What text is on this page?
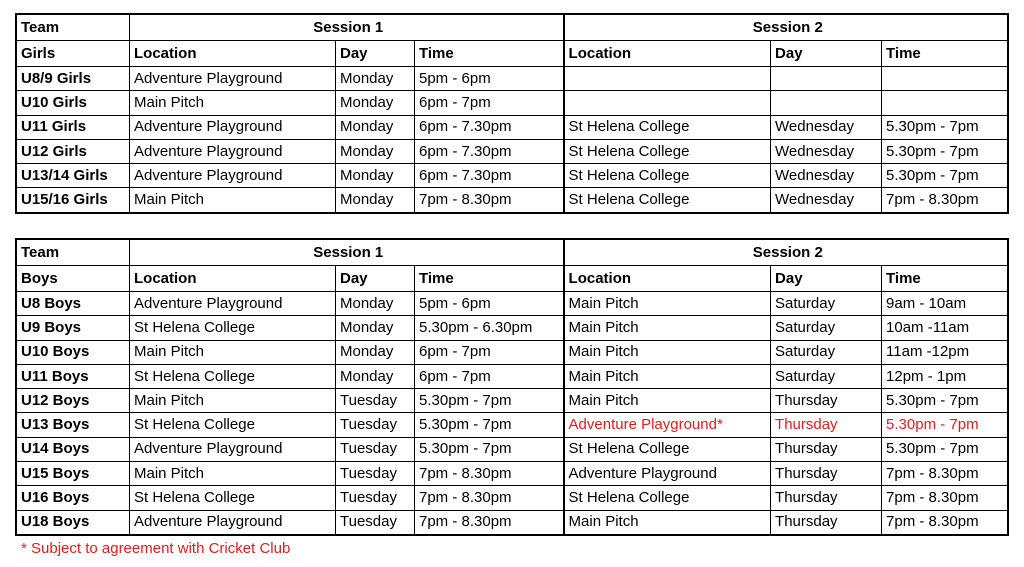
Team	Session 1			Session 2		
Girls	Location	Day	Time	Location	Day	Time
U8/9 Girls	Adventure Playground	Monday	5pm - 6pm			
U10 Girls	Main Pitch	Monday	6pm - 7pm			
U11 Girls	Adventure Playground	Monday	6pm - 7.30pm	St Helena College	Wednesday	5.30pm - 7pm
U12 Girls	Adventure Playground	Monday	6pm - 7.30pm	St Helena College	Wednesday	5.30pm - 7pm
U13/14 Girls	Adventure Playground	Monday	6pm - 7.30pm	St Helena College	Wednesday	5.30pm - 7pm
U15/16 Girls	Main Pitch	Monday	7pm - 8.30pm	St Helena College	Wednesday	7pm - 8.30pm
Team	Session 1			Session 2		
Boys	Location	Day	Time	Location	Day	Time
U8 Boys	Adventure Playground	Monday	5pm - 6pm	Main Pitch	Saturday	9am - 10am
U9 Boys	St Helena College	Monday	5.30pm - 6.30pm	Main Pitch	Saturday	10am -11am
U10 Boys	Main Pitch	Monday	6pm - 7pm	Main Pitch	Saturday	11am -12pm
U11 Boys	St Helena College	Monday	6pm - 7pm	Main Pitch	Saturday	12pm - 1pm
U12 Boys	Main Pitch	Tuesday	5.30pm - 7pm	Main Pitch	Thursday	5.30pm - 7pm
U13 Boys	St Helena College	Tuesday	5.30pm - 7pm	Adventure Playground*	Thursday	5.30pm - 7pm
U14 Boys	Adventure Playground	Tuesday	5.30pm - 7pm	St Helena College	Thursday	5.30pm - 7pm
U15 Boys	Main Pitch	Tuesday	7pm - 8.30pm	Adventure Playground	Thursday	7pm - 8.30pm
U16 Boys	St Helena College	Tuesday	7pm - 8.30pm	St Helena College	Thursday	7pm - 8.30pm
U18 Boys	Adventure Playground	Tuesday	7pm - 8.30pm	Main Pitch	Thursday	7pm - 8.30pm
* Subject to agreement with Cricket Club
